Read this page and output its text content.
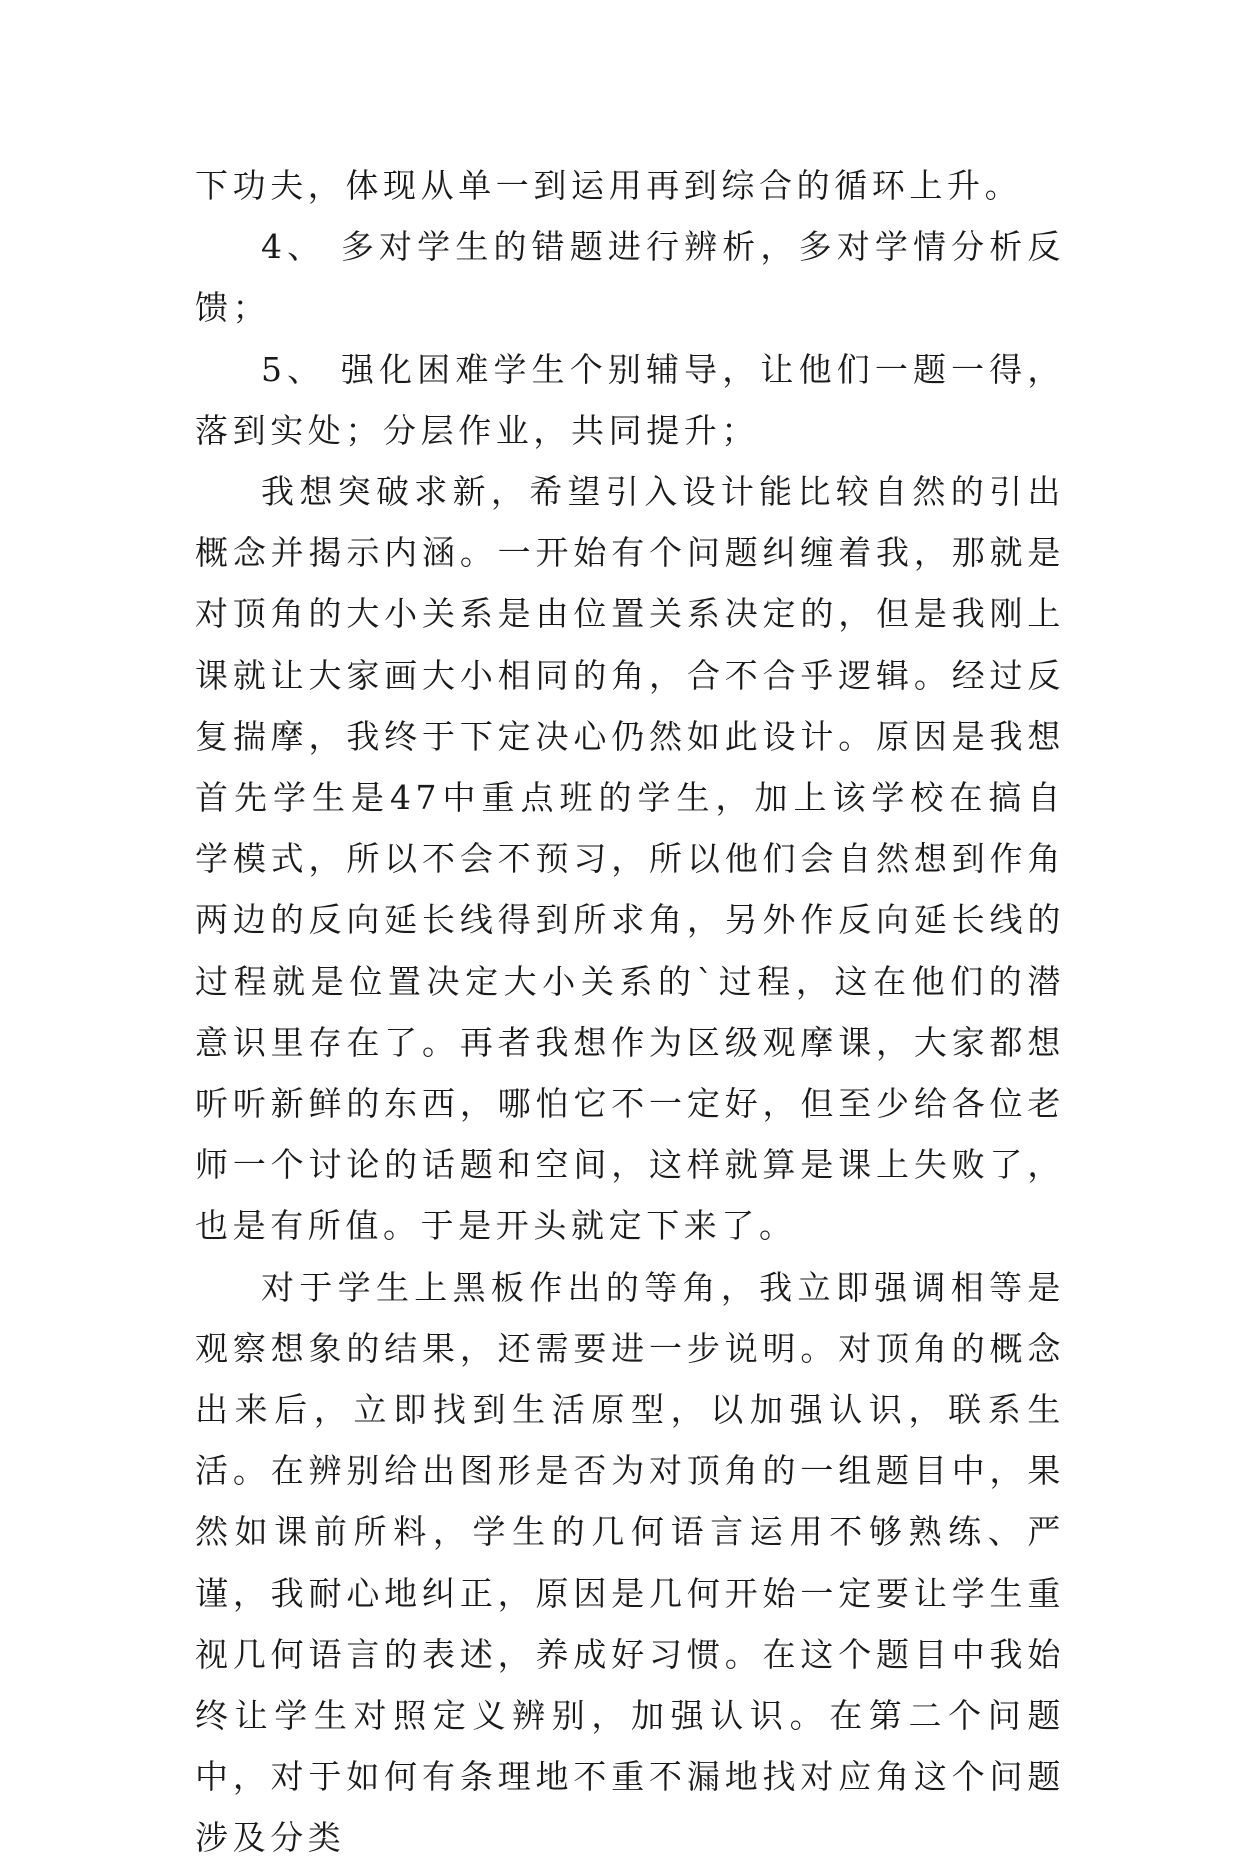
下功夫，体现从单一到运用再到综合的循环上升。

4、 多对学生的错题进行辨析，多对学情分析反馈；

5、 强化困难学生个别辅导，让他们一题一得，落到实处；分层作业，共同提升；

我想突破求新，希望引入设计能比较自然的引出概念并揭示内涵。一开始有个问题纠缠着我，那就是对顶角的大小关系是由位置关系决定的，但是我刚上课就让大家画大小相同的角，合不合乎逻辑。经过反复揣摩，我终于下定决心仍然如此设计。原因是我想首先学生是47中重点班的学生，加上该学校在搞自学模式，所以不会不预习，所以他们会自然想到作角两边的反向延长线得到所求角，另外作反向延长线的过程就是位置决定大小关系的`过程，这在他们的潜意识里存在了。再者我想作为区级观摩课，大家都想听听新鲜的东西，哪怕它不一定好，但至少给各位老师一个讨论的话题和空间，这样就算是课上失败了，也是有所值。于是开头就定下来了。

对于学生上黑板作出的等角，我立即强调相等是观察想象的结果，还需要进一步说明。对顶角的概念出来后，立即找到生活原型，以加强认识，联系生活。在辨别给出图形是否为对顶角的一组题目中，果然如课前所料，学生的几何语言运用不够熟练、严谨，我耐心地纠正，原因是几何开始一定要让学生重视几何语言的表述，养成好习惯。在这个题目中我始终让学生对照定义辨别，加强认识。在第二个问题中，对于如何有条理地不重不漏地找对应角这个问题涉及分类
